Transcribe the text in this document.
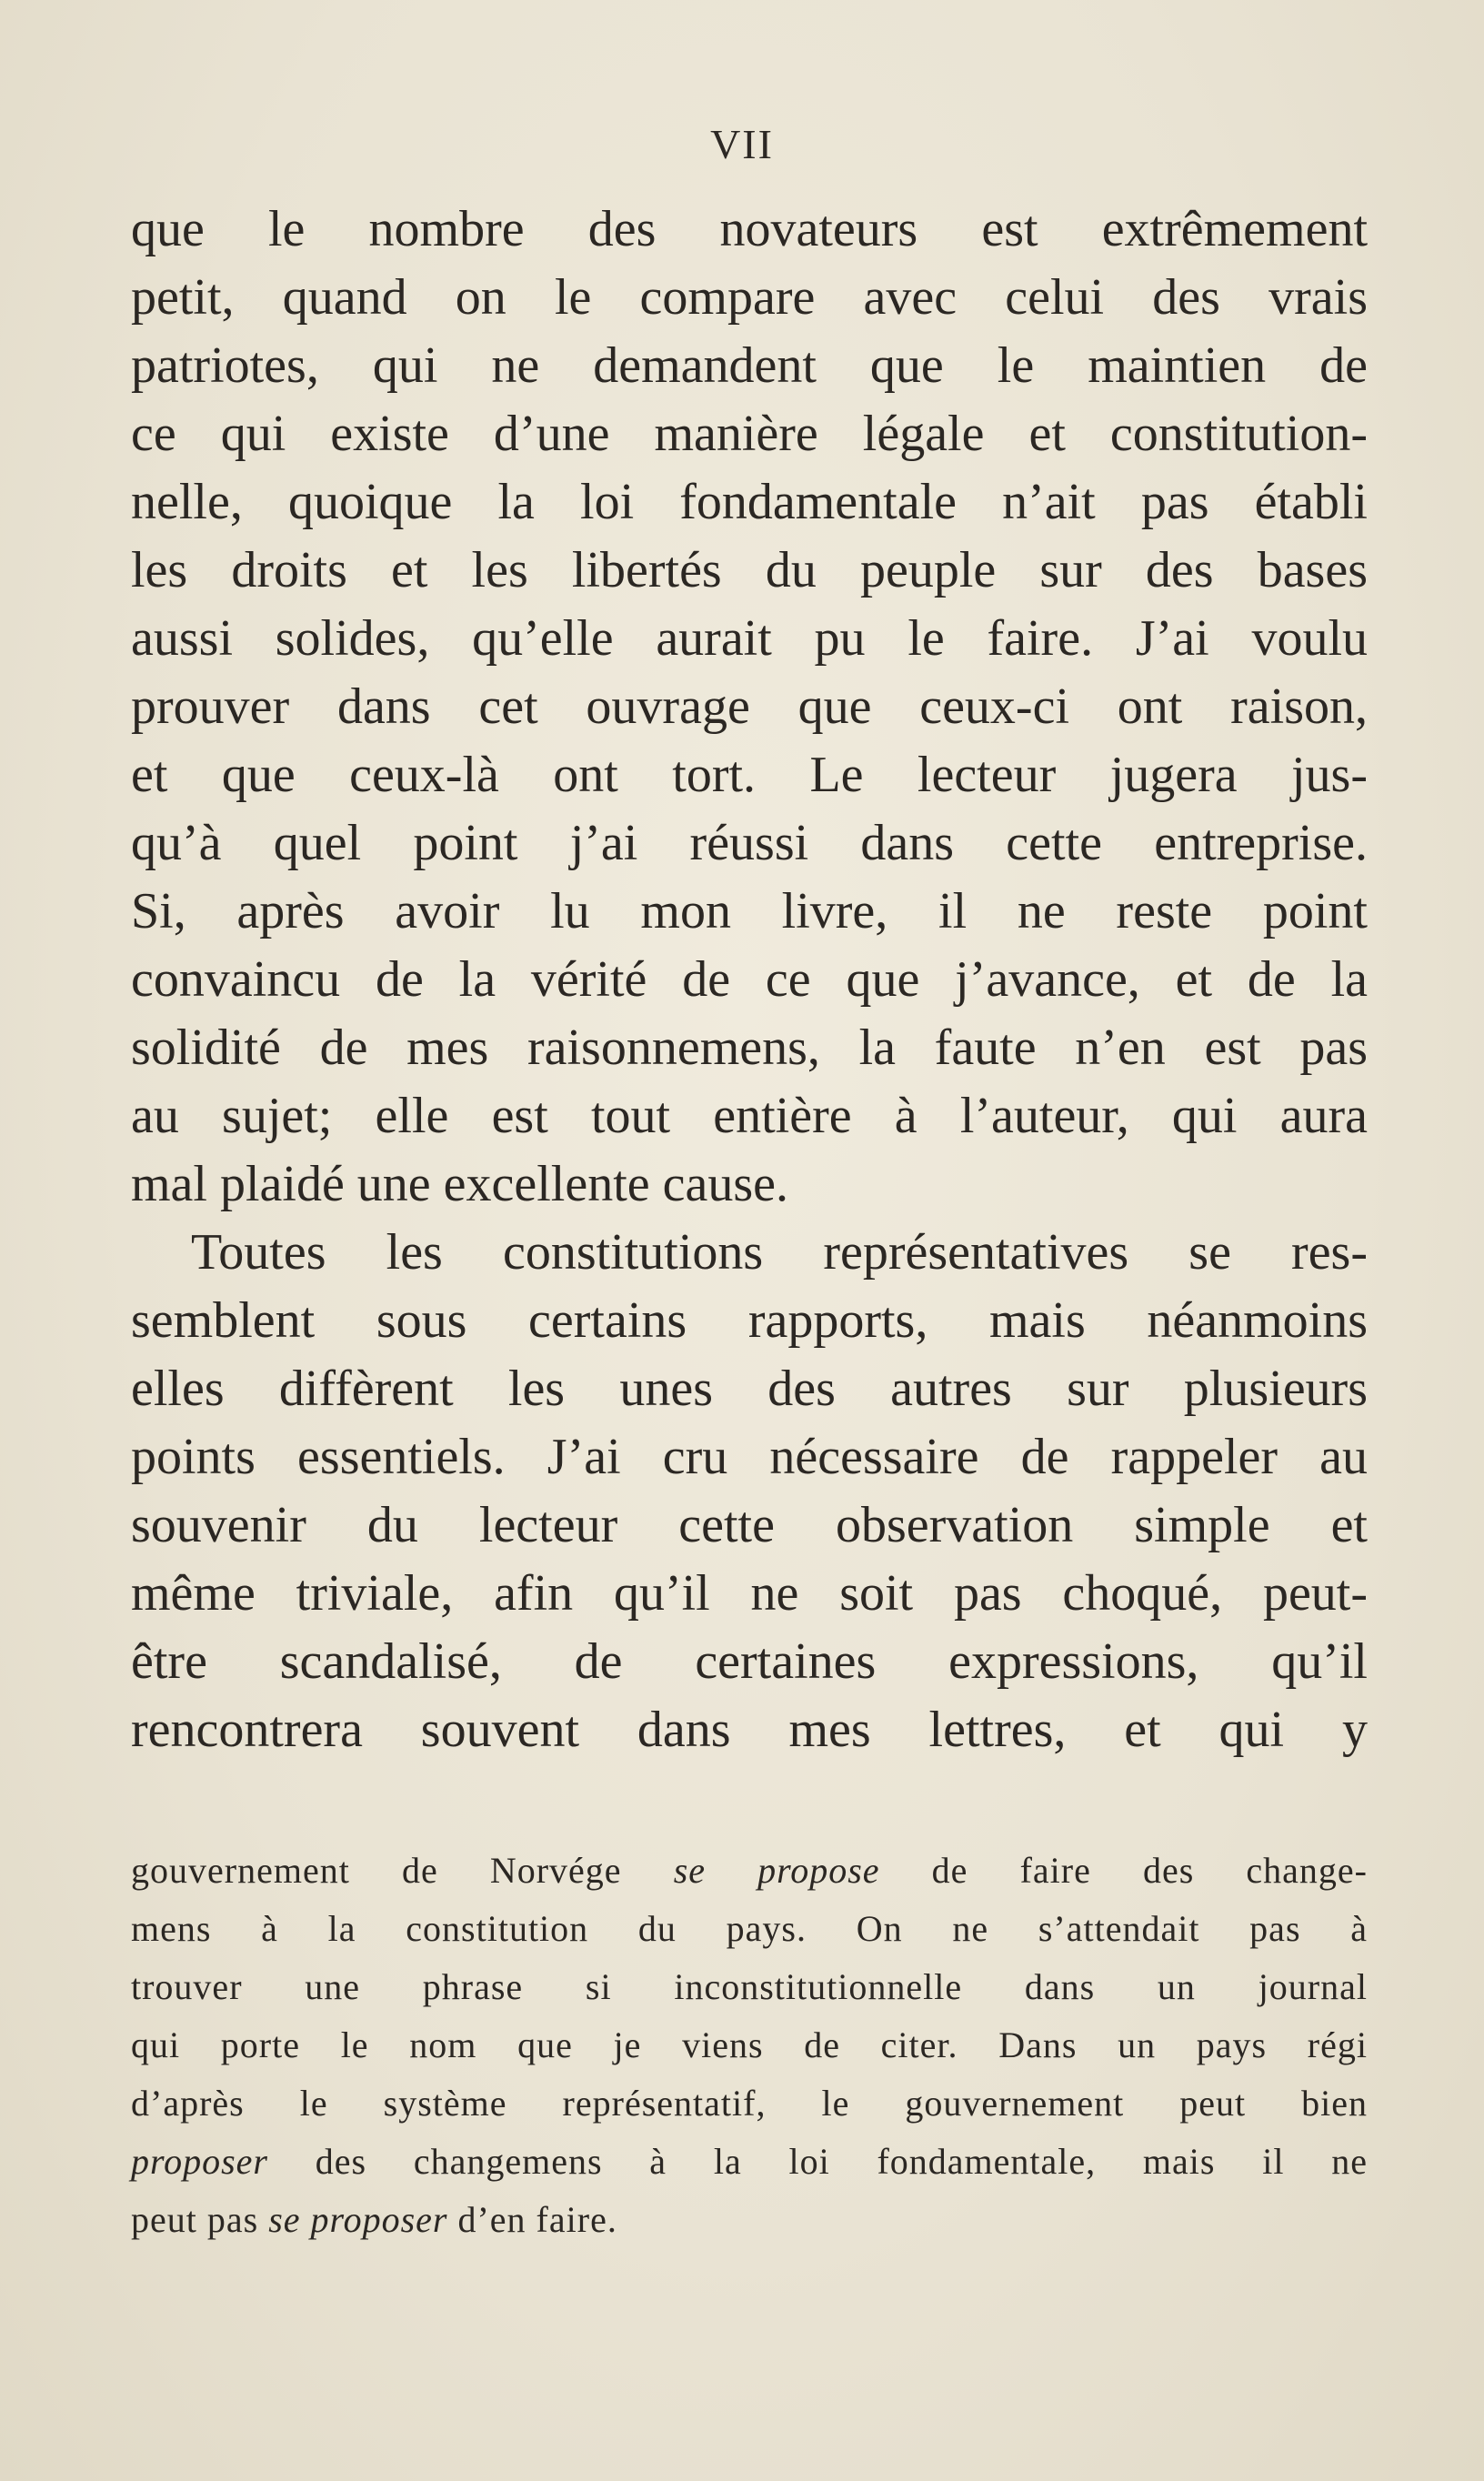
VII
que le nombre des novateurs est extrêmement
petit, quand on le compare avec celui des vrais
patriotes, qui ne demandent que le maintien de
ce qui existe d’une manière légale et constitution-
nelle, quoique la loi fondamentale n’ait pas établi
les droits et les libertés du peuple sur des bases
aussi solides, qu’elle aurait pu le faire. J’ai voulu
prouver dans cet ouvrage que ceux-ci ont raison,
et que ceux-là ont tort. Le lecteur jugera jus-
qu’à quel point j’ai réussi dans cette entreprise.
Si, après avoir lu mon livre, il ne reste point
convaincu de la vérité de ce que j’avance, et de la
solidité de mes raisonnemens, la faute n’en est pas
au sujet; elle est tout entière à l’auteur, qui aura
mal plaidé une excellente cause.
Toutes les constitutions représentatives se res-
semblent sous certains rapports, mais néanmoins
elles diffèrent les unes des autres sur plusieurs
points essentiels. J’ai cru nécessaire de rappeler au
souvenir du lecteur cette observation simple et
même triviale, afin qu’il ne soit pas choqué, peut-
être scandalisé, de certaines expressions, qu’il
rencontrera souvent dans mes lettres, et qui y
gouvernement de Norvége se propose de faire des change-
mens à la constitution du pays. On ne s’attendait pas à
trouver une phrase si inconstitutionnelle dans un journal
qui porte le nom que je viens de citer. Dans un pays régi
d’après le système représentatif, le gouvernement peut bien
proposer des changemens à la loi fondamentale, mais il ne
peut pas se proposer d’en faire.
